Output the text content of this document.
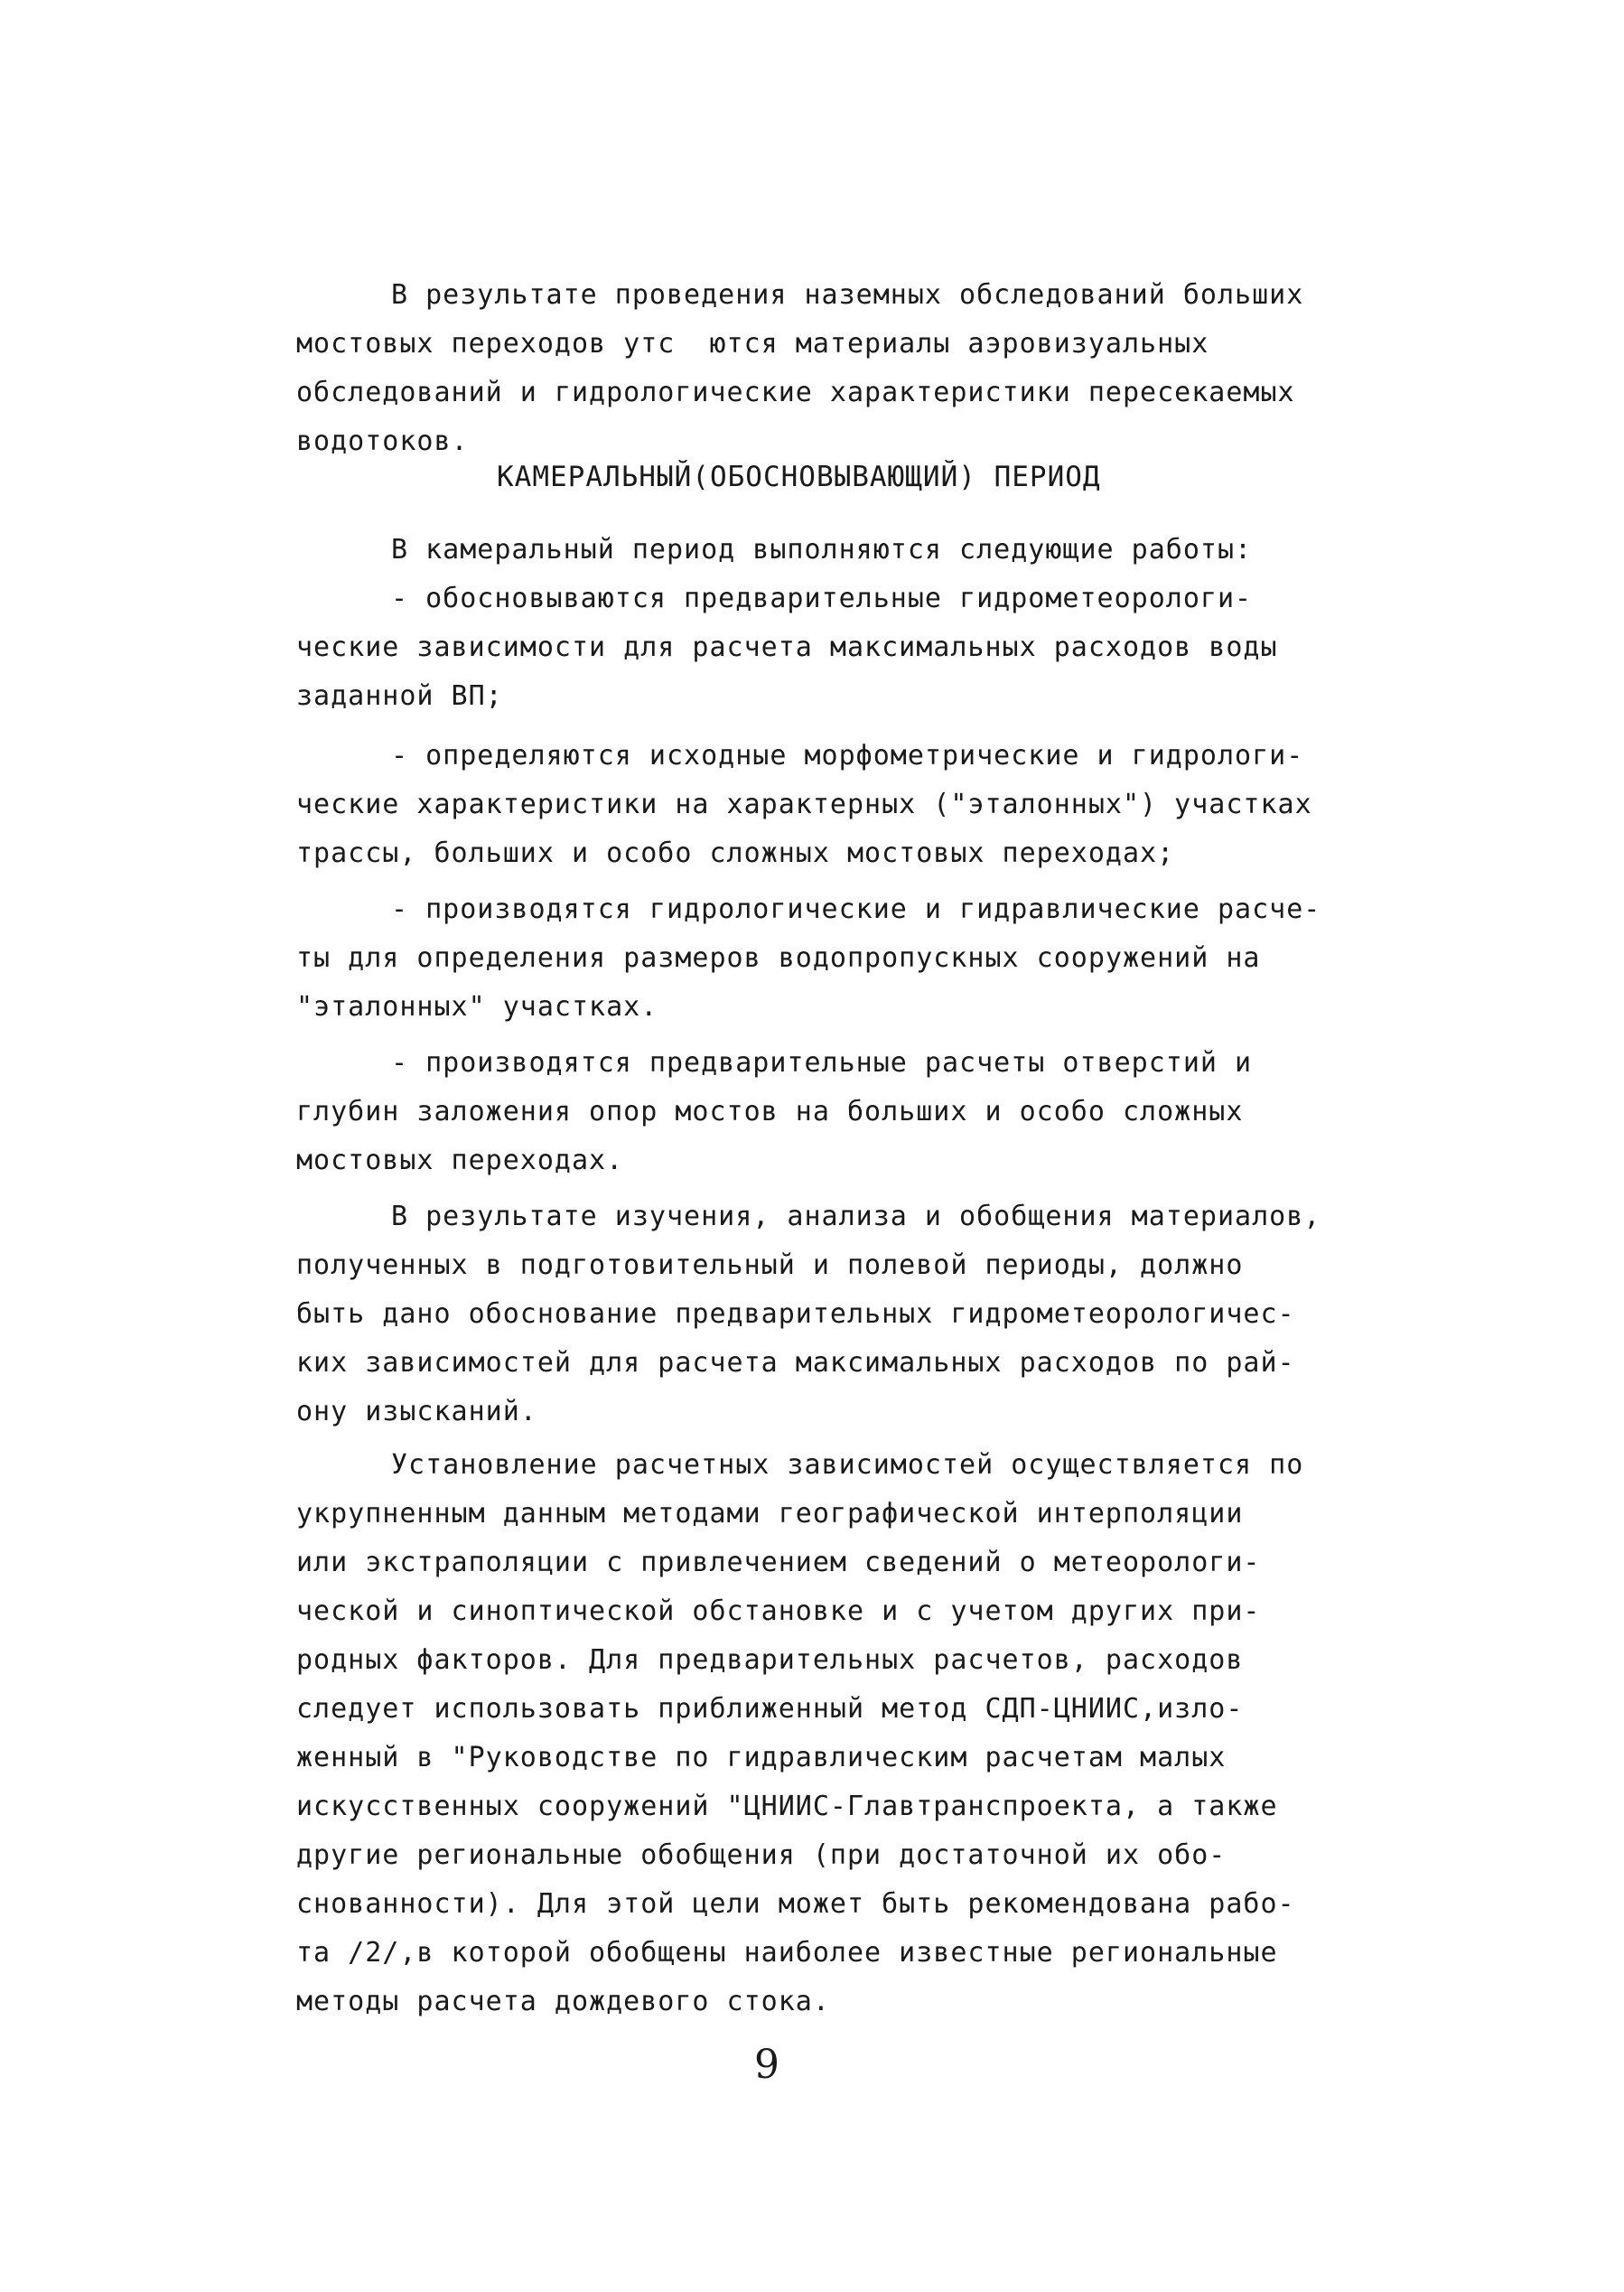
В результате проведения наземных обследований больших
мостовых переходов утс  ются материалы аэровизуальных
обследований и гидрологические характеристики пересекаемых
водотоков.
КАМЕРАЛЬНЫЙ(ОБОСНОВЫВАЮЩИЙ) ПЕРИОД
В камеральный период выполняются следующие работы:
- обосновываются предварительные гидрометеорологи-
ческие зависимости для расчета максимальных расходов воды
заданной ВП;
- определяются исходные морфометрические и гидрологи-
ческие характеристики на характерных ("эталонных") участках
трассы, больших и особо сложных мостовых переходах;
- производятся гидрологические и гидравлические расче-
ты для определения размеров водопропускных сооружений на
"эталонных" участках.
- производятся предварительные расчеты отверстий и
глубин заложения опор мостов на больших и особо сложных
мостовых переходах.
В результате изучения, анализа и обобщения материалов,
полученных в подготовительный и полевой периоды, должно
быть дано обоснование предварительных гидрометеорологичес-
ких зависимостей для расчета максимальных расходов по рай-
ону изысканий.
Установление расчетных зависимостей осуществляется по
укрупненным данным методами географической интерполяции
или экстраполяции с привлечением сведений о метеорологи-
ческой и синоптической обстановке и с учетом других при-
родных факторов. Для предварительных расчетов, расходов
следует использовать приближенный метод СДП-ЦНИИС,изло-
женный в "Руководстве по гидравлическим расчетам малых
искусственных сооружений "ЦНИИС-Главтранспроекта, а также
другие региональные обобщения (при достаточной их обо-
снованности). Для этой цели может быть рекомендована рабо-
та /2/,в которой обобщены наиболее известные региональные
методы расчета дождевого стока.
9
